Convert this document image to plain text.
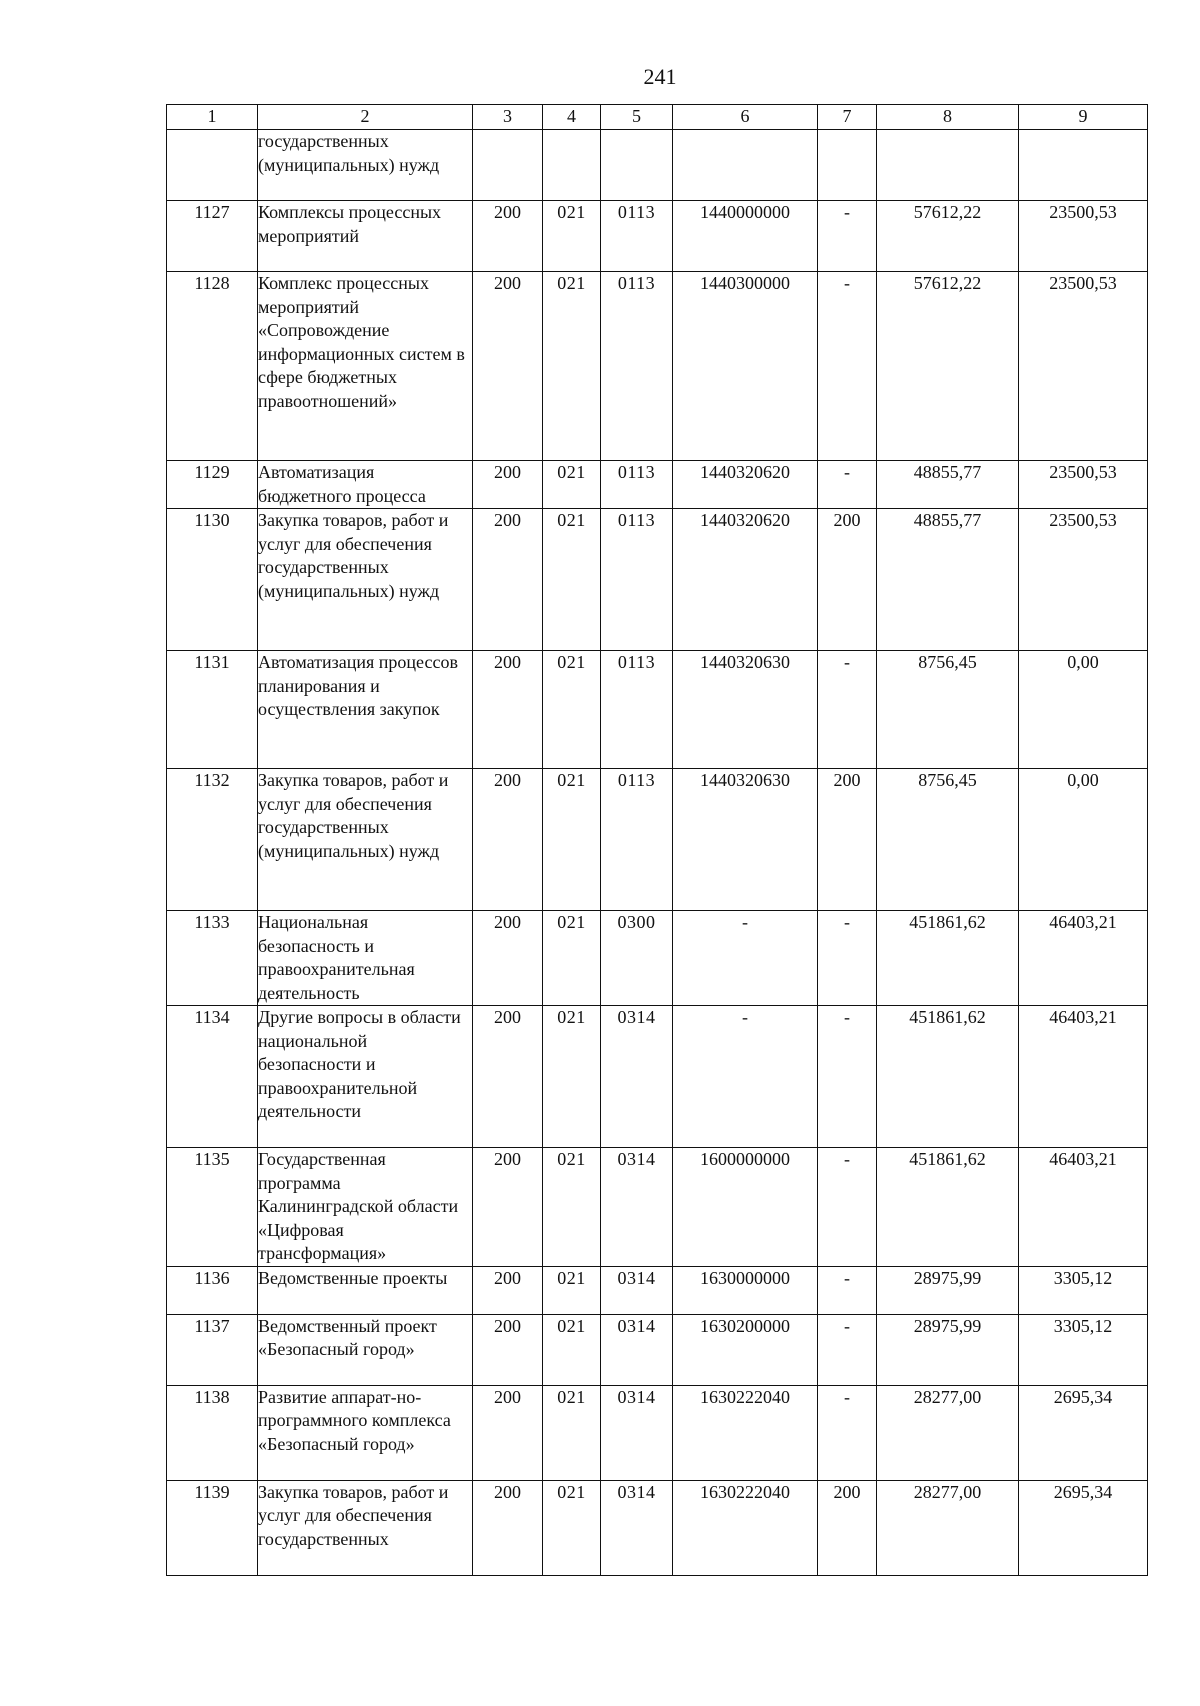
241
1	2	3	4	5	6	7	8	9
	государственных (муниципальных) нужд							
1127	Комплексы процессных мероприятий	200	021	0113	1440000000	-	57612,22	23500,53
1128	Комплекс процессных мероприятий «Сопровождение информационных систем в сфере бюджетных правоотношений»	200	021	0113	1440300000	-	57612,22	23500,53
1129	Автоматизация бюджетного процесса	200	021	0113	1440320620	-	48855,77	23500,53
1130	Закупка товаров, работ и услуг для обеспечения государственных (муниципальных) нужд	200	021	0113	1440320620	200	48855,77	23500,53
1131	Автоматизация процессов планирования и осуществления закупок	200	021	0113	1440320630	-	8756,45	0,00
1132	Закупка товаров, работ и услуг для обеспечения государственных (муниципальных) нужд	200	021	0113	1440320630	200	8756,45	0,00
1133	Национальная безопасность и правоохранительная деятельность	200	021	0300	-	-	451861,62	46403,21
1134	Другие вопросы в области национальной безопасности и правоохранительной деятельности	200	021	0314	-	-	451861,62	46403,21
1135	Государственная программа Калининградской области «Цифровая трансформация»	200	021	0314	1600000000	-	451861,62	46403,21
1136	Ведомственные проекты	200	021	0314	1630000000	-	28975,99	3305,12
1137	Ведомственный проект «Безопасный город»	200	021	0314	1630200000	-	28975,99	3305,12
1138	Развитие аппарат-но-программного комплекса «Безопасный город»	200	021	0314	1630222040	-	28277,00	2695,34
1139	Закупка товаров, работ и услуг для обеспечения государственных	200	021	0314	1630222040	200	28277,00	2695,34
